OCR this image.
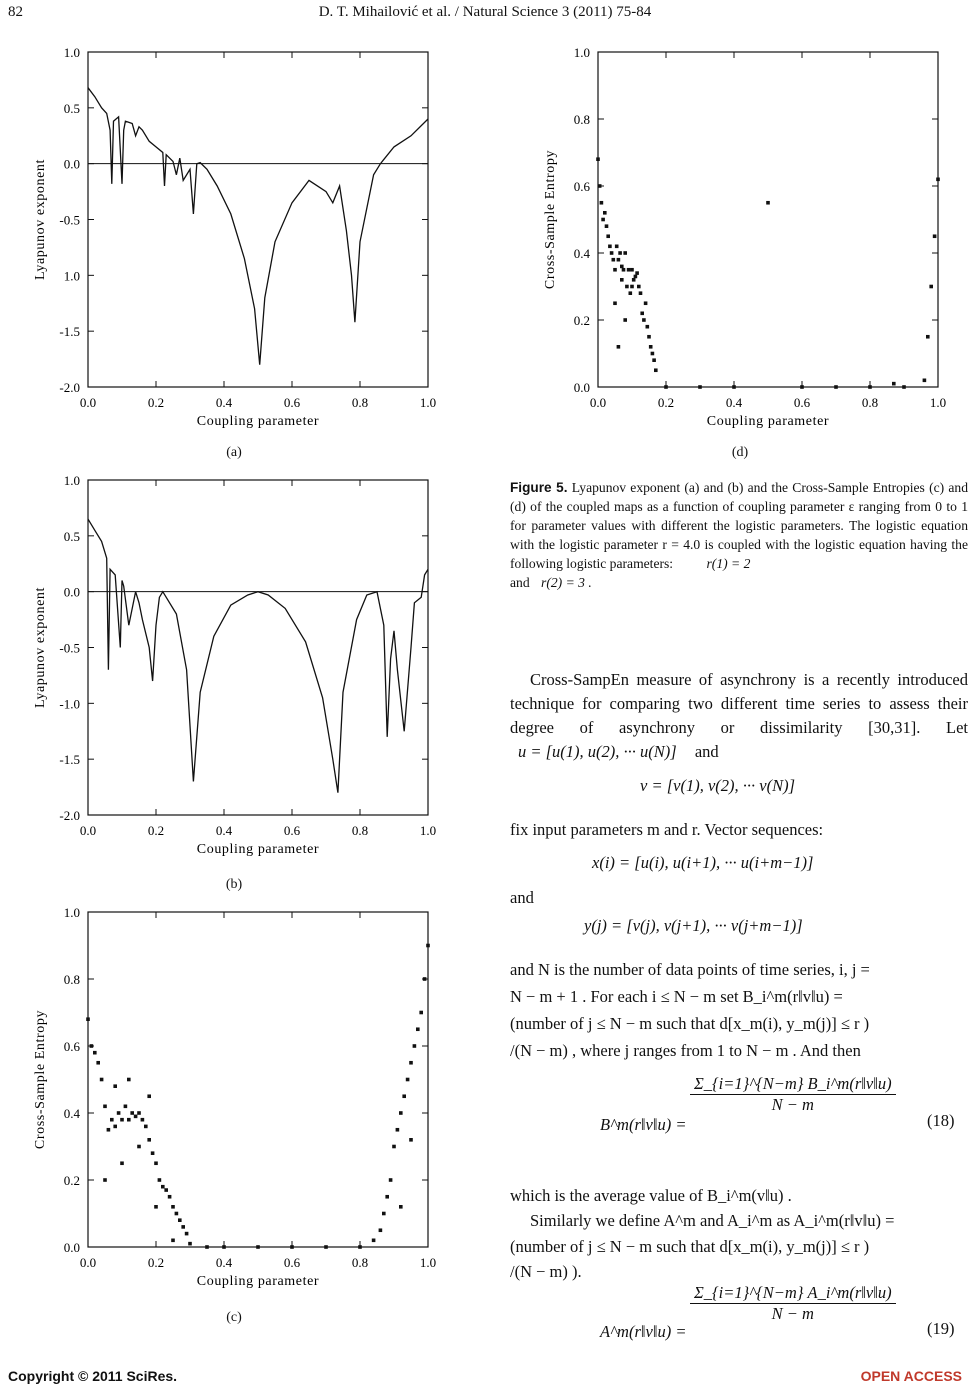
82	D. T. Mihailović et al. / Natural Science 3 (2011) 75-84
1.0
0.5
0.0
-0.5
1.0
-1.5
-2.0
0.0	0.2	0.4	0.6	0.8	1.0
Coupling parameter
Lyapunov exponent
(a)
1.0
0.5
0.0
-0.5
-1.0
-1.5
-2.0
0.0	0.2	0.4	0.6	0.8	1.0
Coupling parameter
Lyapunov exponent
(b)
1.0
0.8
0.6
0.4
0.2
0.0
0.0	0.2	0.4	0.6	0.8	1.0
Coupling parameter
Cross-Sample Entropy
(c)
1.0
0.8
0.6
0.4
0.2
0.0
0.0	0.2	0.4	0.6	0.8	1.0
Coupling parameter
Cross-Sample Entropy
(d)
Figure 5. Lyapunov exponent (a) and (b) and the Cross-Sample Entropies (c) and (d) of the coupled maps as a function of coupling parameter ε ranging from 0 to 1 for parameter values with different the logistic parameters. The logistic equation with the logistic parameter r = 4.0 is coupled with the logistic equation having the following logistic parameters: r(1) = 2
and r(2) = 3 .
Cross-SampEn measure of asynchrony is a recently introduced technique for comparing two different time series to assess their degree of asynchrony or dissimilarity [30,31]. Let u = [u(1), u(2), ··· u(N)] and
v = [v(1), v(2), ··· v(N)]
fix input parameters m and r. Vector sequences:
x(i) = [u(i), u(i+1), ··· u(i+m−1)]
and
y(j) = [v(j), v(j+1), ··· v(j+m−1)]
and N is the number of data points of time series, i, j =
N − m + 1 . For each i ≤ N − m set B_i^m(r‖v‖u) =
(number of j ≤ N − m such that d[x_m(i), y_m(j)] ≤ r )
/(N − m) , where j ranges from 1 to N − m . And then
B^m(r‖v‖u) =
$\frac{\Sigma\_\{i=1\}\^{}\{N-m\} B\_i\^{}m(r‖v‖u)}{N - m}$
(18)
which is the average value of B_i^m(v‖u) .
Similarly we define A^m and A_i^m as A_i^m(r‖v‖u) =
(number of j ≤ N − m such that d[x_m(i), y_m(j)] ≤ r )
/(N − m) ).
A^m(r‖v‖u) =
$\frac{\Sigma\_\{i=1\}\^{}\{N-m\} A\_i\^{}m(r‖v‖u)}{N - m}$
(19)
Copyright © 2011 SciRes.	OPEN ACCESS
